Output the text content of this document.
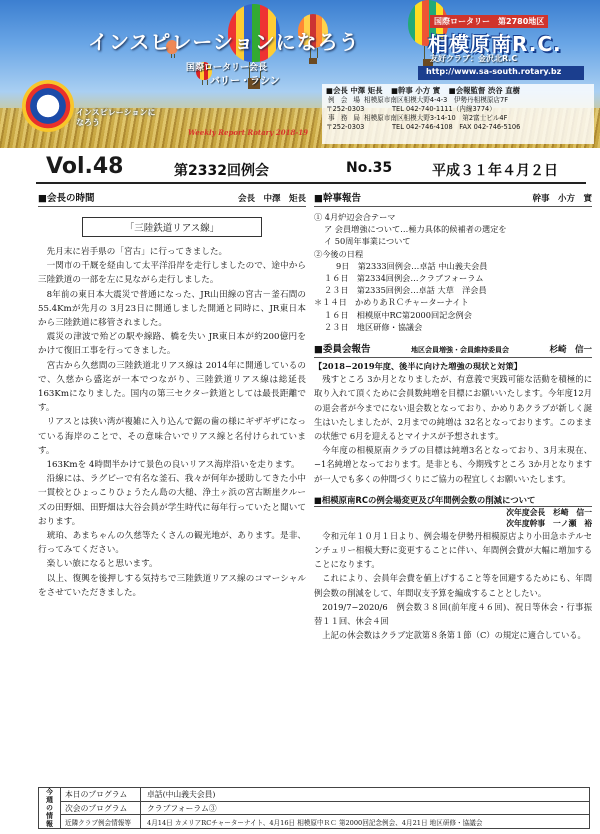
インスピレーションになろう
国際ロータリー会長
バリー・ラシン
インスピレーションに なろう
Weekly Report Rotary 2018-19
国際ロータリー　第2780地区
相模原南R.C.
友好クラブ：金沢北R.C
http://www.sa-south.rotary.bz
■会長 中澤 矩長 ■幹事 小方 實 ■会報監督 渋谷 直樹
例 会 場 相模原市南区相模大野4-4-3　伊勢丹相模原店7F
〒252-0303	TEL 042-740-1111（内線3774）
事 務 局 相模原市南区相模大野3-14-10　第2富士ビル4F
〒252-0303	TEL 042-746-4108　FAX 042-746-5106
Vol.48	第2332回例会	No.35	平成３１年４月２日
■会長の時間	会長　中澤　矩長
「三陸鉄道リアス線」

先月末に岩手県の「宮古」に行ってきました。

一関市の千厩を経由して太平洋沿岸を走行しましたので、途中から三陸鉄道の一部を左に見ながら走行しました。

8年前の東日本大震災で普通になった、JR山田線の宮古－釜石間の 55.4Kmが先月の 3月23日に開通しました開通と同時に、JR東日本から三陸鉄道に移管されました。

震災の津波で殆どの駅や線路、橋を失い JR東日本が約200億円をかけて復旧工事を行ってきました。

宮古から久慈間の三陸鉄道北リアス線は 2014年に開通しているので、久慈から盛迄が一本でつながり、三陸鉄道リアス線は総延長163Kmになりました。国内の第三セクター鉄道としては最長距離です。

リアスとは狭い湾が複雑に入り込んで鋸の歯の様にギザギザになっている海岸のことで、その意味合いでリアス線と名付けられています。

163Kmを 4時間半かけて景色の良いリアス海岸沿いを走ります。

沿線には、ラグビーで有名な釜石、我々が何年か援助してきた小中一貫校とひょっこりひょうたん島の大槌、浄土ヶ浜の宮古断崖クルーズの田野畑、田野畑は大谷会員が学生時代に毎年行っていたと聞いております。

琥珀、あまちゃんの久慈等たくさんの観光地が、あります。是非、行ってみてください。

楽しい旅になると思います。

以上、復興を後押しする気持ちで三陸鉄道リアス線のコマーシャルをさせていただきました。

■幹事報告	幹事　小方　實
① 4月炉辺会合テーマ
ア 会員増強について…極力具体的候補者の選定を
イ 50周年事業について
②今後の日程
9日　第2333回例会…卓話 中山義夫会員
１６日　第2334回例会…クラブフォーラム
２３日　第2335回例会…卓話 大草　洋会員
＊１４日　かめりあＲＣチャーターナイト
１６日　相模原中RC第2000回記念例会
２３日　地区研修・協議会
■委員会報告	地区会員増強・会員維持委員会	杉崎　信一
【2018−2019年度、後半に向けた増強の現状と対策】

残すところ 3か月となりましたが、有意義で実践可能な活動を積極的に取り入れて頂くために会員数純増を目標にお願いいたします。今年度12月の退会者が今までにない退会数となっており、かめりあクラブが新しく誕生はいたしましたが、2月までの純増は 32名となっております。このままの状態で 6月を迎えるとマイナスが予想されます。

今年度の相模原南クラブの目標は純増3名となっており、3月末現在、−1名純増となっております。是非とも、今期残すところ 3か月となりますが一人でも多くの仲間づくりにご協力の程宜しくお願いいたします。

■相模原南RCの例会場変更及び年間例会数の削減について
次年度会長　杉崎　信一
次年度幹事　一ノ瀬　裕

令和元年１０月１日より、例会場を伊勢丹相模原店より小田急ホテルセンチュリー相模大野に変更することに伴い、年間例会費が大幅に増加することになります。

これにより、会員年会費を値上げすること等を回避するためにも、年間例会数の削減をして、年間収支予算を編成することとしたい。

2019/7−2020/6　例会数３８回(前年度４６回)、祝日等休会・行事振替１１回、休会４回

上記の休会数はクラブ定款第８条第１節（C）の規定に適合している。

今週の情報	本日のプログラム	卓話(中山義夫会員)
次会のプログラム	クラブフォーラム③
近隣クラブ例会情報等	4月14日 カメリアRCチャーターナイト、4月16日 相模原中ＲＣ 第2000回記念例会、4月21日 地区研修・協議会
